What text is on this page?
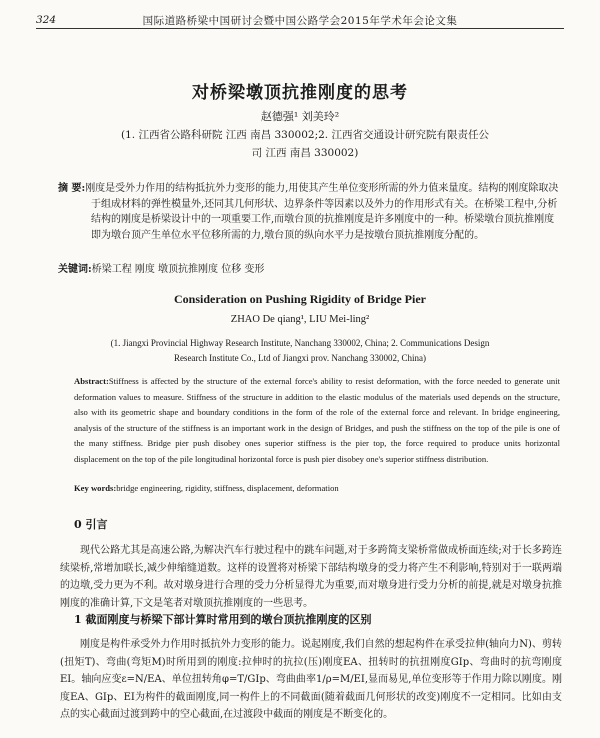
324	国际道路桥梁中国研讨会暨中国公路学会2015年学术年会论文集
对桥梁墩顶抗推刚度的思考
赵德强¹ 刘美玲²
(1. 江西省公路科研院 江西 南昌 330002;2. 江西省交通设计研究院有限责任公司 江西 南昌 330002)
摘 要:刚度是受外力作用的结构抵抗外力变形的能力,用使其产生单位变形所需的外力值来量度。结构的刚度除取决于组成材料的弹性模量外,还同其几何形状、边界条件等因素以及外力的作用形式有关。在桥梁工程中,分析结构的刚度是桥梁设计中的一项重要工作,而墩台顶的抗推刚度是许多刚度中的一种。桥梁墩台顶抗推刚度即为墩台顶产生单位水平位移所需的力,墩台顶的纵向水平力是按墩台顶抗推刚度分配的。
关键词:桥梁工程 刚度 墩顶抗推刚度 位移 变形
Consideration on Pushing Rigidity of Bridge Pier
ZHAO De qiang¹, LIU Mei-ling²
(1. Jiangxi Provincial Highway Research Institute, Nanchang 330002, China; 2. Communications Design Research Institute Co., Ltd of Jiangxi prov. Nanchang 330002, China)
Abstract:Stiffness is affected by the structure of the external force's ability to resist deformation, with the force needed to generate unit deformation values to measure. Stiffness of the structure in addition to the elastic modulus of the materials used depends on the structure, also with its geometric shape and boundary conditions in the form of the role of the external force and relevant. In bridge engineering, analysis of the structure of the stiffness is an important work in the design of Bridges, and push the stiffness on the top of the pile is one of the many stiffness. Bridge pier push disobey ones superior stiffness is the pier top, the force required to produce units horizontal displacement on the top of the pile longitudinal horizontal force is push pier disobey one's superior stiffness distribution.
Key words:bridge engineering, rigidity, stiffness, displacement, deformation
0 引言
现代公路尤其是高速公路,为解决汽车行驶过程中的跳车问题,对于多跨简支梁桥常做成桥面连续;对于长多跨连续梁桥,常增加联长,减少伸缩缝道数。这样的设置将对桥梁下部结构墩身的受力将产生不利影响,特别对于一联两端的边墩,受力更为不利。故对墩身进行合理的受力分析显得尤为重要,而对墩身进行受力分析的前提,就是对墩身抗推刚度的准确计算,下文是笔者对墩顶抗推刚度的一些思考。
1 截面刚度与桥梁下部计算时常用到的墩台顶抗推刚度的区别
刚度是构件承受外力作用时抵抗外力变形的能力。说起刚度,我们自然的想起构件在承受拉伸(轴向力N)、剪转(扭矩T)、弯曲(弯矩M)时所用到的刚度:拉伸时的抗拉(压)刚度EA、扭转时的抗扭刚度GIp、弯曲时的抗弯刚度EI。轴向应变ε=N/EA、单位扭转角φ=T/GIp、弯曲曲率1/ρ=M/EI,显而易见,单位变形等于作用力除以刚度。刚度EA、GIp、EI为构件的截面刚度,同一构件上的不同截面(随着截面几何形状的改变)刚度不一定相同。比如由支点的实心截面过渡到跨中的空心截面,在过渡段中截面的刚度是不断变化的。
